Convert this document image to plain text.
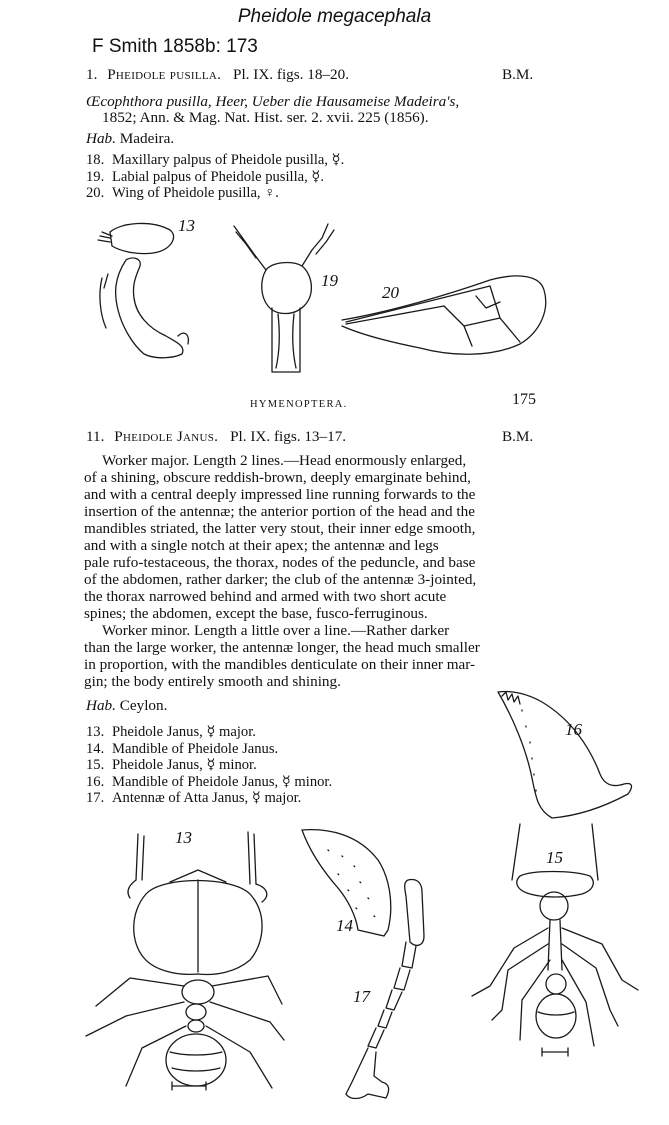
Pheidole megacephala
F Smith 1858b: 173
1. Pheidole pusilla. Pl. IX. figs. 18–20.	B.M.
Œcophthora pusilla, Heer, Ueber die Hausameise Madeira's,
1852; Ann. & Mag. Nat. Hist. ser. 2. xvii. 225 (1856).
Hab. Madeira.
18. Maxillary palpus of Pheidole pusilla, ☿.
19. Labial palpus of Pheidole pusilla, ☿.
20. Wing of Pheidole pusilla, ♀.
13
19
20
HYMENOPTERA.	175
11. Pheidole Janus. Pl. IX. figs. 13–17.	B.M.
Worker major. Length 2 lines.—Head enormously enlarged,
of a shining, obscure reddish-brown, deeply emarginate behind,
and with a central deeply impressed line running forwards to the
insertion of the antennæ; the anterior portion of the head and the
mandibles striated, the latter very stout, their inner edge smooth,
and with a single notch at their apex; the antennæ and legs
pale rufo-testaceous, the thorax, nodes of the peduncle, and base
of the abdomen, rather darker; the club of the antennæ 3-jointed,
the thorax narrowed behind and armed with two short acute
spines; the abdomen, except the base, fusco-ferruginous.
Worker minor. Length a little over a line.—Rather darker
than the large worker, the antennæ longer, the head much smaller
in proportion, with the mandibles denticulate on their inner mar-
gin; the body entirely smooth and shining.
Hab. Ceylon.
13. Pheidole Janus, ☿ major.
14. Mandible of Pheidole Janus.
15. Pheidole Janus, ☿ minor.
16. Mandible of Pheidole Janus, ☿ minor.
17. Antennæ of Atta Janus, ☿ major.
16
13
14
15
17
